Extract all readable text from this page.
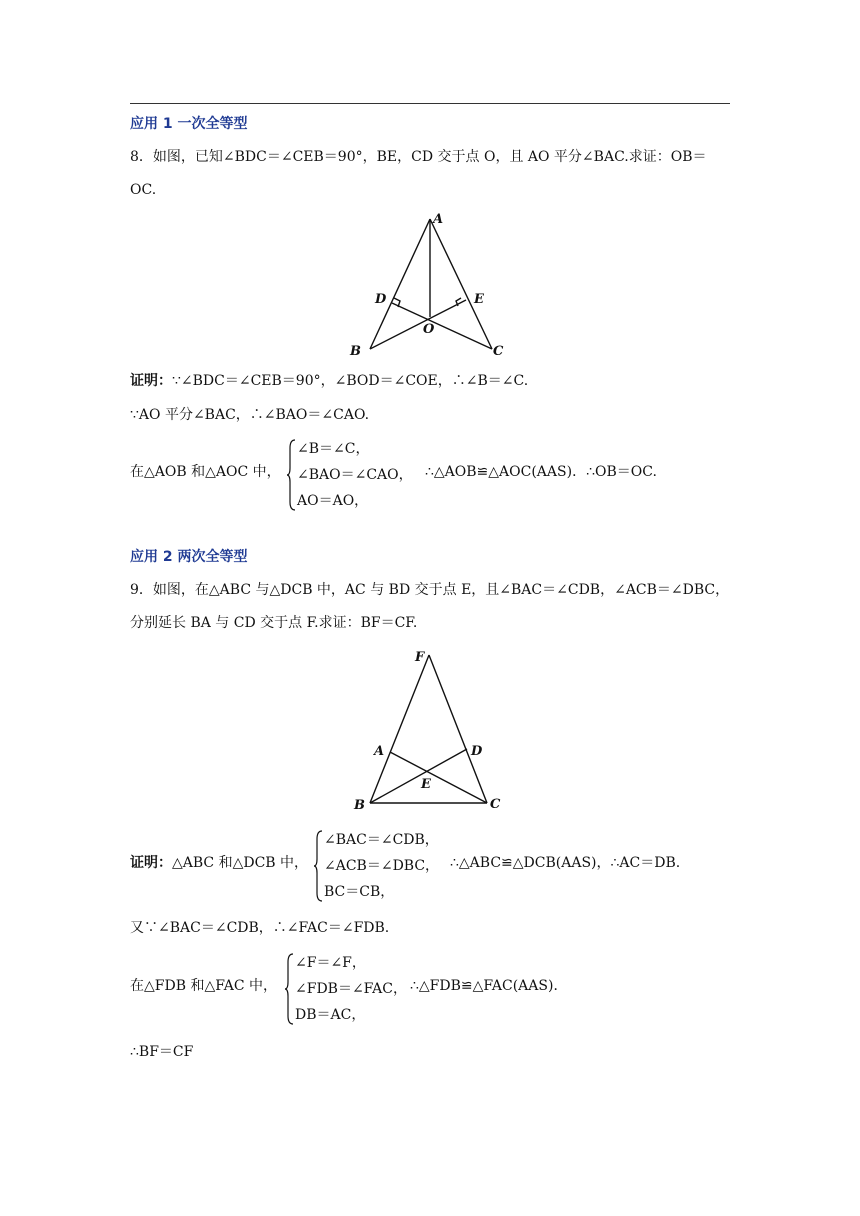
应用 1 一次全等型
8．如图，已知∠BDC＝∠CEB＝90°，BE，CD 交于点 O，且 AO 平分∠BAC.求证：OB＝
OC.
A
B	C
D	E
O
证明：∵∠BDC＝∠CEB＝90°，∠BOD＝∠COE，∴∠B＝∠C.
∵AO 平分∠BAC，∴∠BAO＝∠CAO.
在△AOB 和△AOC 中，
∠B＝∠C，
∠BAO＝∠CAO，
AO＝AO，
∴△AOB≌△AOC(AAS)．∴OB＝OC.
应用 2 两次全等型
9．如图，在△ABC 与△DCB 中，AC 与 BD 交于点 E，且∠BAC＝∠CDB，∠ACB＝∠DBC，
分别延长 BA 与 CD 交于点 F.求证：BF＝CF.
F
A	D
E
B	C
证明：△ABC 和△DCB 中，
∠BAC＝∠CDB，
∠ACB＝∠DBC，
BC＝CB，
∴△ABC≌△DCB(AAS)，∴AC＝DB.
又∵∠BAC＝∠CDB，∴∠FAC＝∠FDB.
在△FDB 和△FAC 中，
∠F＝∠F，
∠FDB＝∠FAC，
DB＝AC，
∴△FDB≌△FAC(AAS)．
∴BF＝CF
